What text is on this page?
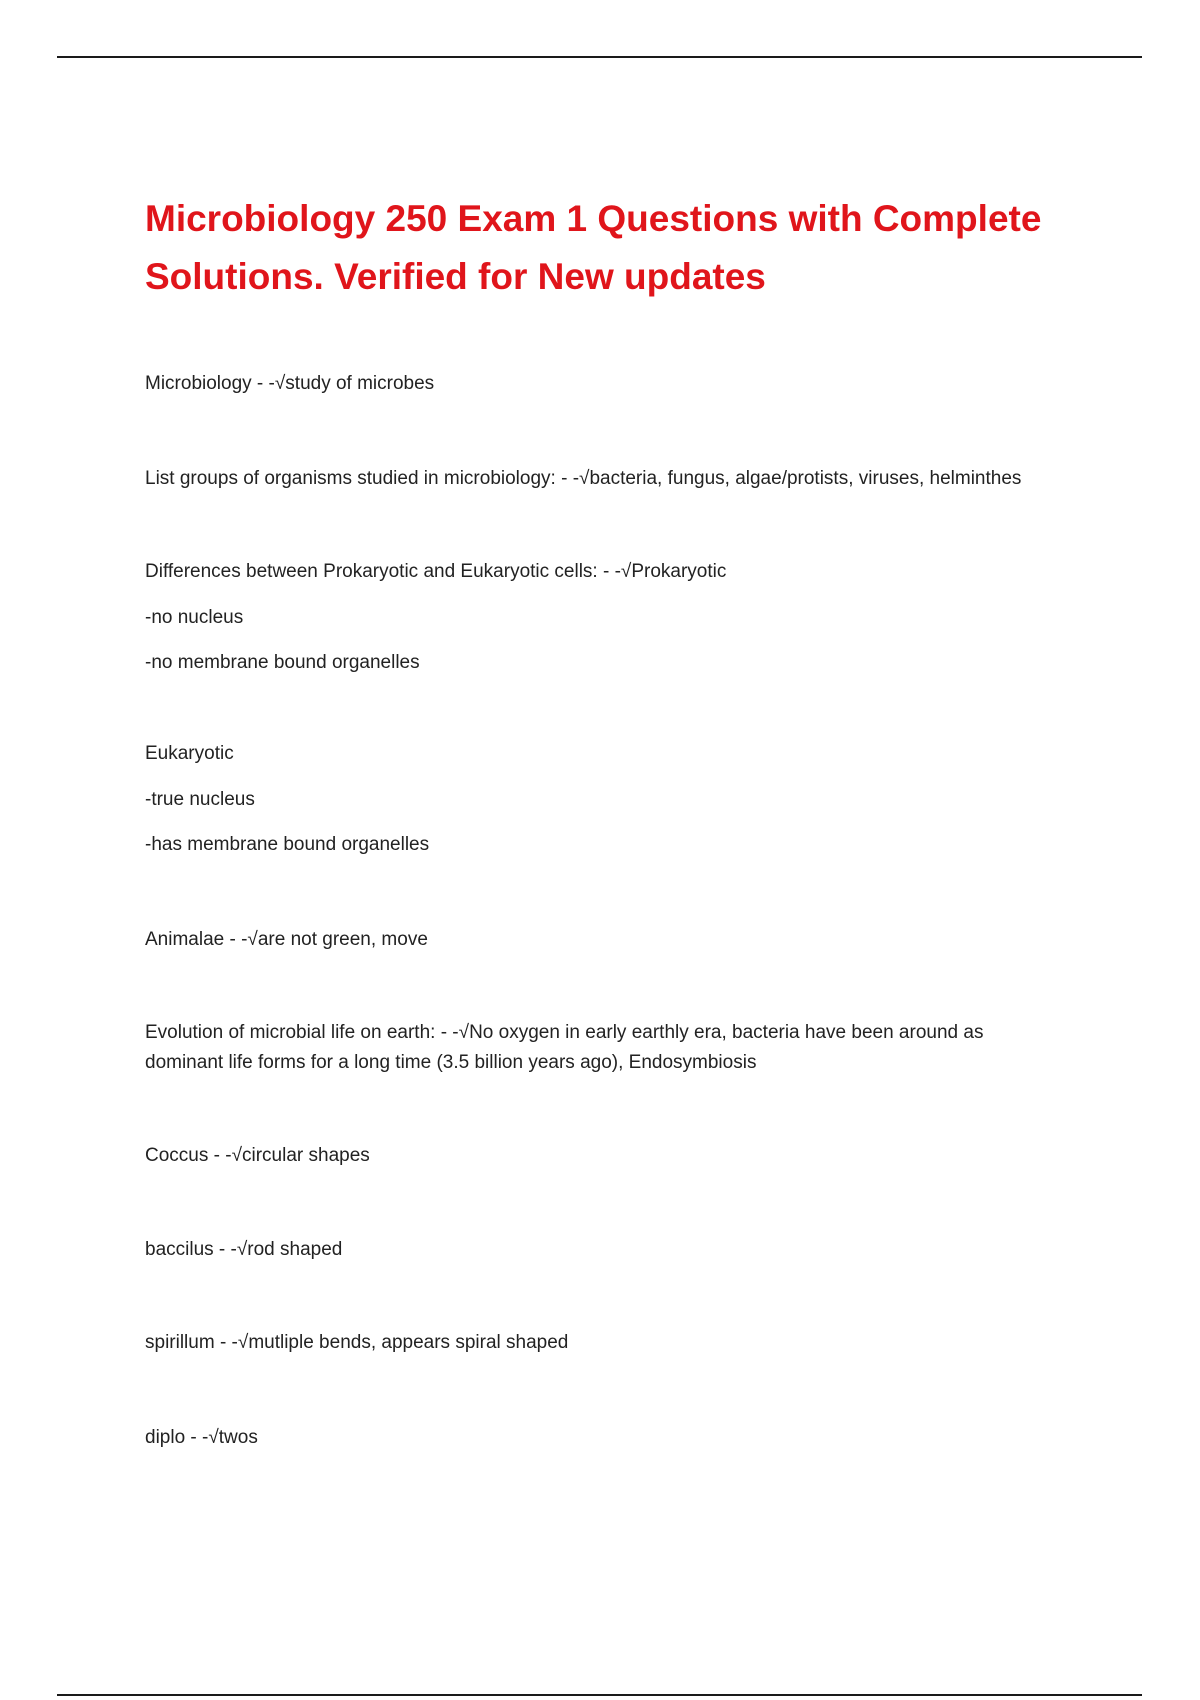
Microbiology 250 Exam 1 Questions with Complete Solutions. Verified for New updates
Microbiology - -√study of microbes
List groups of organisms studied in microbiology: - -√bacteria, fungus, algae/protists, viruses, helminthes
Differences between Prokaryotic and Eukaryotic cells: - -√Prokaryotic
-no nucleus
-no membrane bound organelles
Eukaryotic
-true nucleus
-has membrane bound organelles
Animalae - -√are not green, move
Evolution of microbial life on earth: - -√No oxygen in early earthly era, bacteria have been around as dominant life forms for a long time (3.5 billion years ago), Endosymbiosis
Coccus - -√circular shapes
baccilus - -√rod shaped
spirillum - -√mutliple bends, appears spiral shaped
diplo - -√twos
